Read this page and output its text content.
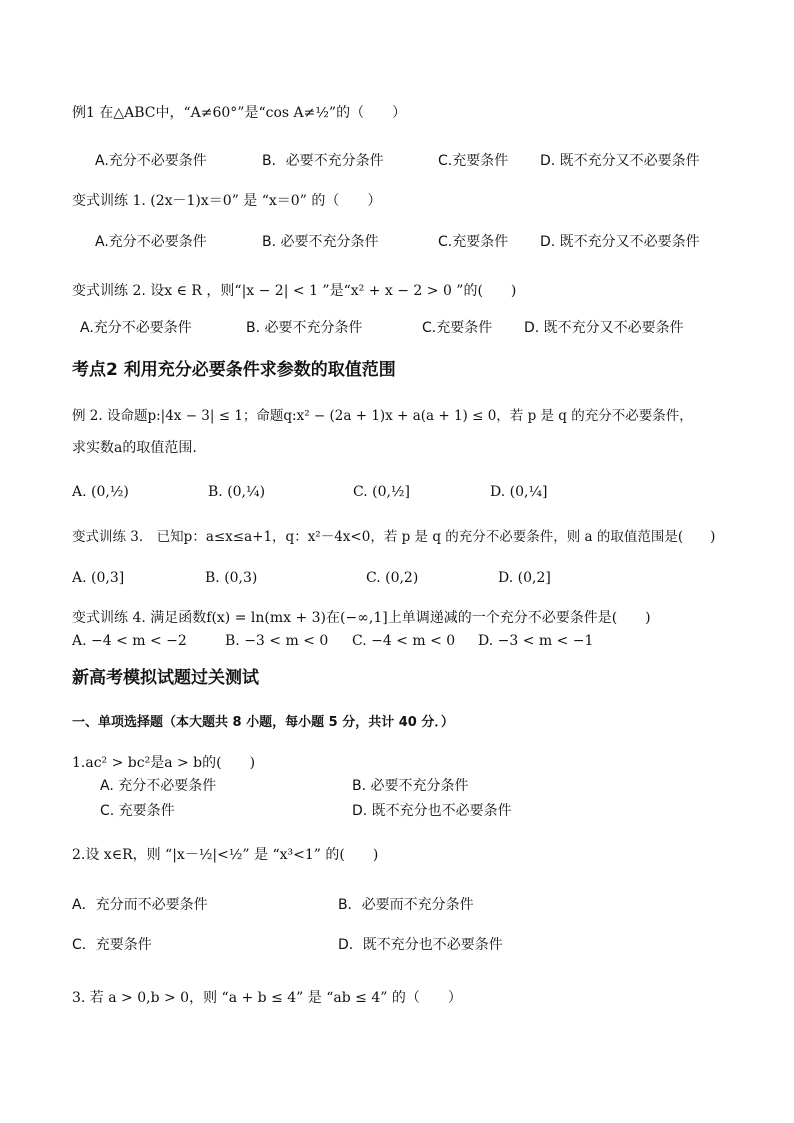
例1 在△ABC中，“A≠60°”是“cos A≠½”的（　　）
A.充分不必要条件	B．必要不充分条件	C.充要条件 D. 既不充分又不必要条件
变式训练 1. (2x－1)x＝0” 是 “x＝0” 的（　　）
A.充分不必要条件	B. 必要不充分条件	C.充要条件 D. 既不充分又不必要条件
变式训练 2. 设x ∈ R ，则“|x − 2| < 1 ”是“x² + x − 2 > 0 ”的(　　)
A.充分不必要条件	B. 必要不充分条件	C.充要条件 D. 既不充分又不必要条件
考点2 利用充分必要条件求参数的取值范围
例 2. 设命题p:|4x − 3| ≤ 1；命题q:x² − (2a + 1)x + a(a + 1) ≤ 0，若 p 是 q 的充分不必要条件，
求实数a的取值范围.
A. (0,½)	B. (0,¼)	C. (0,½]	D. (0,¼]
变式训练 3． 已知p：a≤x≤a+1，q：x²－4x<0，若 p 是 q 的充分不必要条件，则 a 的取值范围是(　　)
A. (0,3]	B. (0,3)	C. (0,2)	D. (0,2]
变式训练 4. 满足函数f(x) = ln(mx + 3)在(−∞,1]上单调递减的一个充分不必要条件是(　　)
A. −4 < m < −2	B. −3 < m < 0 C. −4 < m < 0 D. −3 < m < −1
新高考模拟试题过关测试
一、单项选择题（本大题共 8 小题，每小题 5 分，共计 40 分．）
1.ac² > bc²是a > b的(　　)
A. 充分不必要条件	B. 必要不充分条件
C. 充要条件	D. 既不充分也不必要条件
2.设 x∈R，则 “|x－½|<½” 是 “x³<1” 的(　　)
A．充分而不必要条件	B．必要而不充分条件
C．充要条件	D．既不充分也不必要条件
3. 若 a > 0,b > 0，则 “a + b ≤ 4” 是 “ab ≤ 4” 的（　　）
